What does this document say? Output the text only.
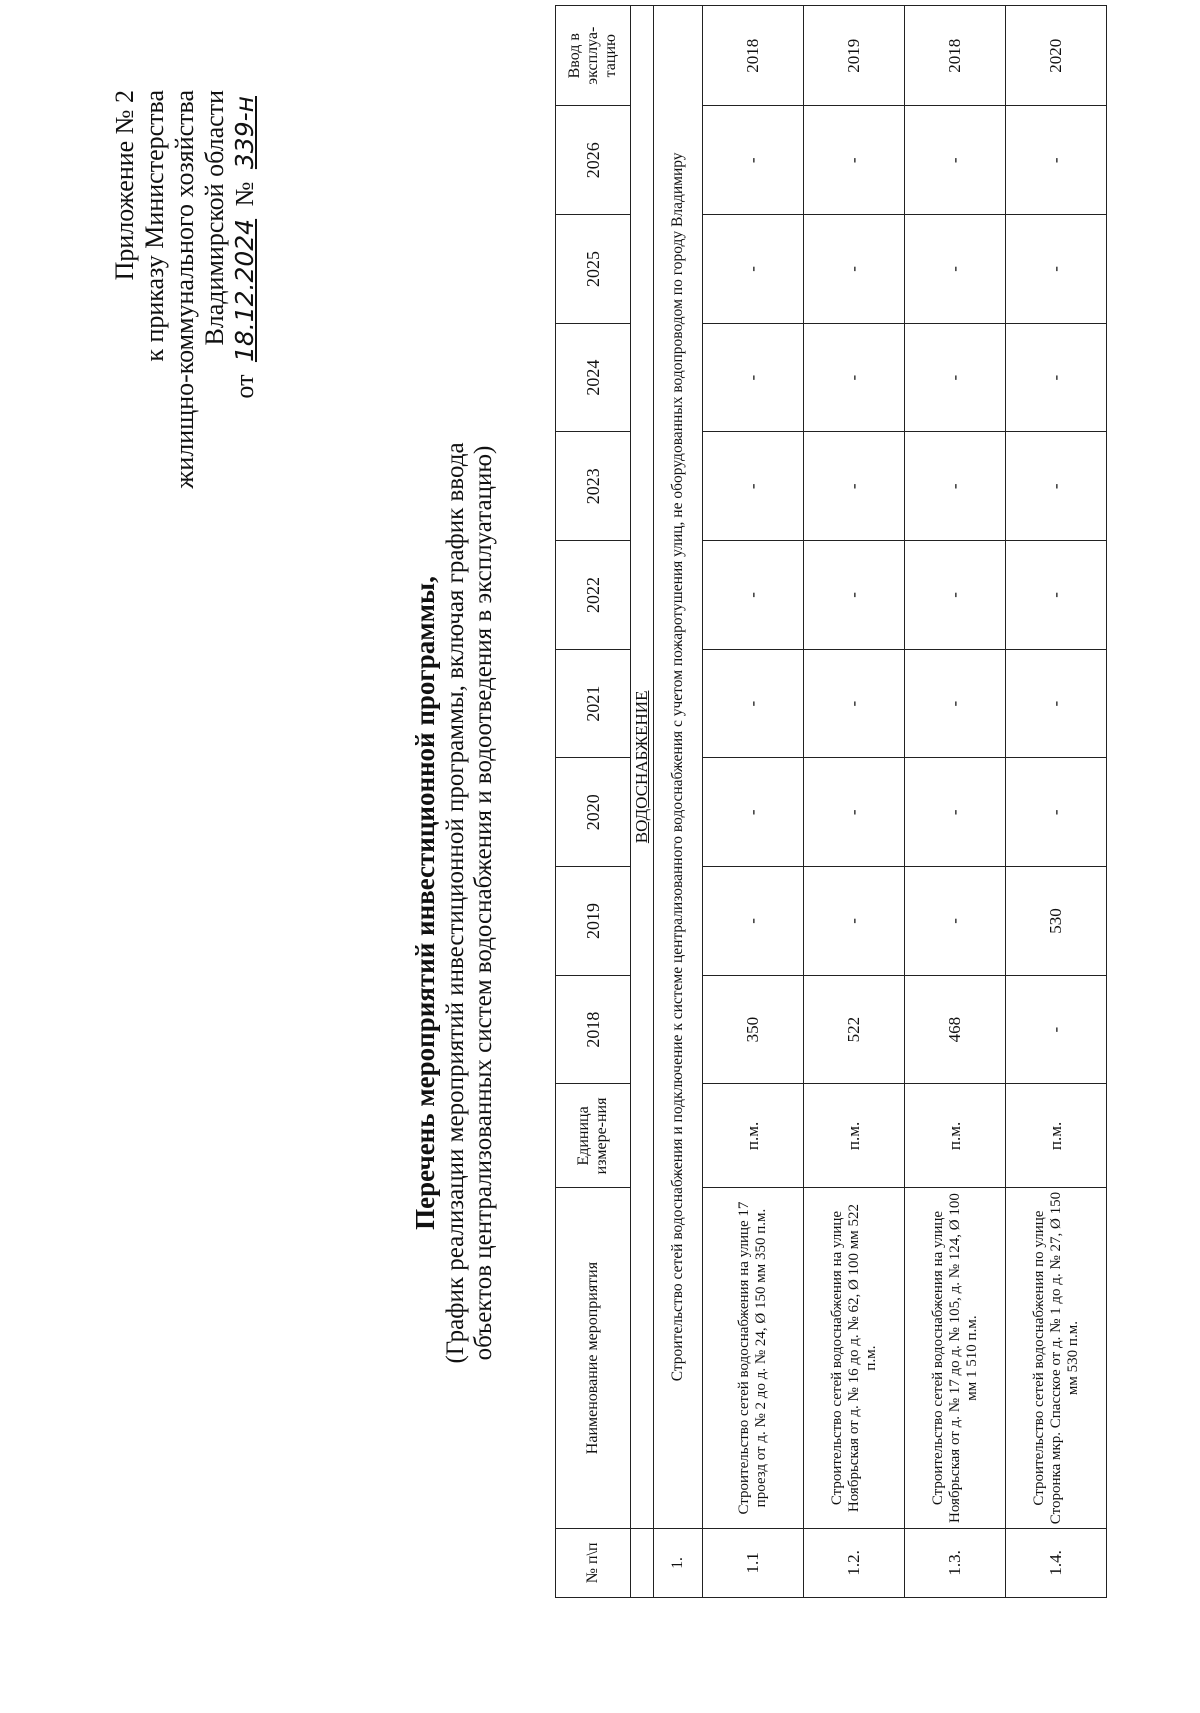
Приложение № 2 к приказу Министерства жилищно-коммунального хозяйства Владимирской области
от 18.12.2024 № 339-н
Перечень мероприятий инвестиционной программы, (График реализации мероприятий инвестиционной программы, включая график ввода объектов централизованных систем водоснабжения и водоотведения в эксплуатацию)
№ п\п	Наименование мероприятия	Единица измере-ния	2018	2019	2020	2021	2022	2023	2024	2025	2026	Ввод в эксплуа-тацию
	ВОДОСНАБЖЕНИЕ											
1.	Строительство сетей водоснабжения и подключение к системе централизованного водоснабжения с учетом пожаротушения улиц, не оборудованных водопроводом по городу Владимиру											
1.1	Строительство сетей водоснабжения на улице 17 проезд от д. № 2 до д. № 24, Ø 150 мм 350 п.м.	п.м.	350	-	-	-	-	-	-	-	-	2018
1.2.	Строительство сетей водоснабжения на улице Ноябрьская от д. № 16 до д. № 62, Ø 100 мм 522 п.м.	п.м.	522	-	-	-	-	-	-	-	-	2019
1.3.	Строительство сетей водоснабжения на улице Ноябрьская от д. № 17 до д. № 105, д. № 124, Ø 100 мм 1 510 п.м.	п.м.	468	-	-	-	-	-	-	-	-	2018
1.4.	Строительство сетей водоснабжения по улице Сторонка мкр. Спасское от д. № 1 до д. № 27, Ø 150 мм 530 п.м.	п.м.	-	530	-	-	-	-	-	-	-	2020
